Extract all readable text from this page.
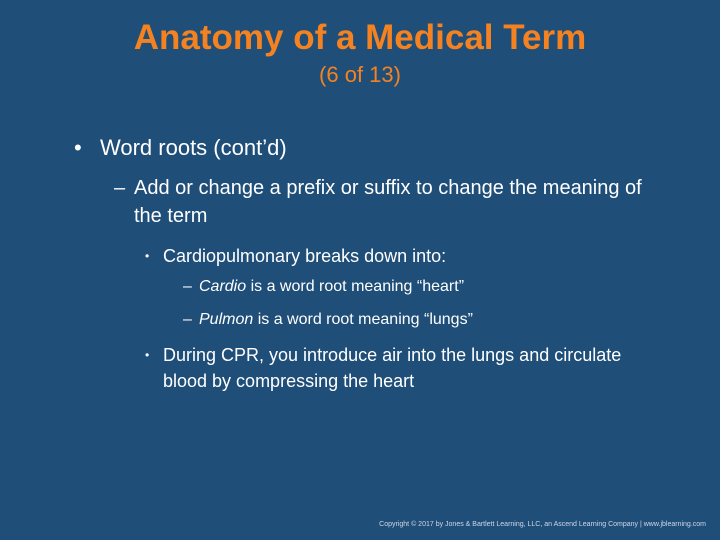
Anatomy of a Medical Term
(6 of 13)
• Word roots (cont’d)
– Add or change a prefix or suffix to change the meaning of the term
• Cardiopulmonary breaks down into:
– Cardio is a word root meaning “heart”
– Pulmon is a word root meaning “lungs”
• During CPR, you introduce air into the lungs and circulate blood by compressing the heart
Copyright © 2017 by Jones & Bartlett Learning, LLC, an Ascend Learning Company | www.jblearning.com
